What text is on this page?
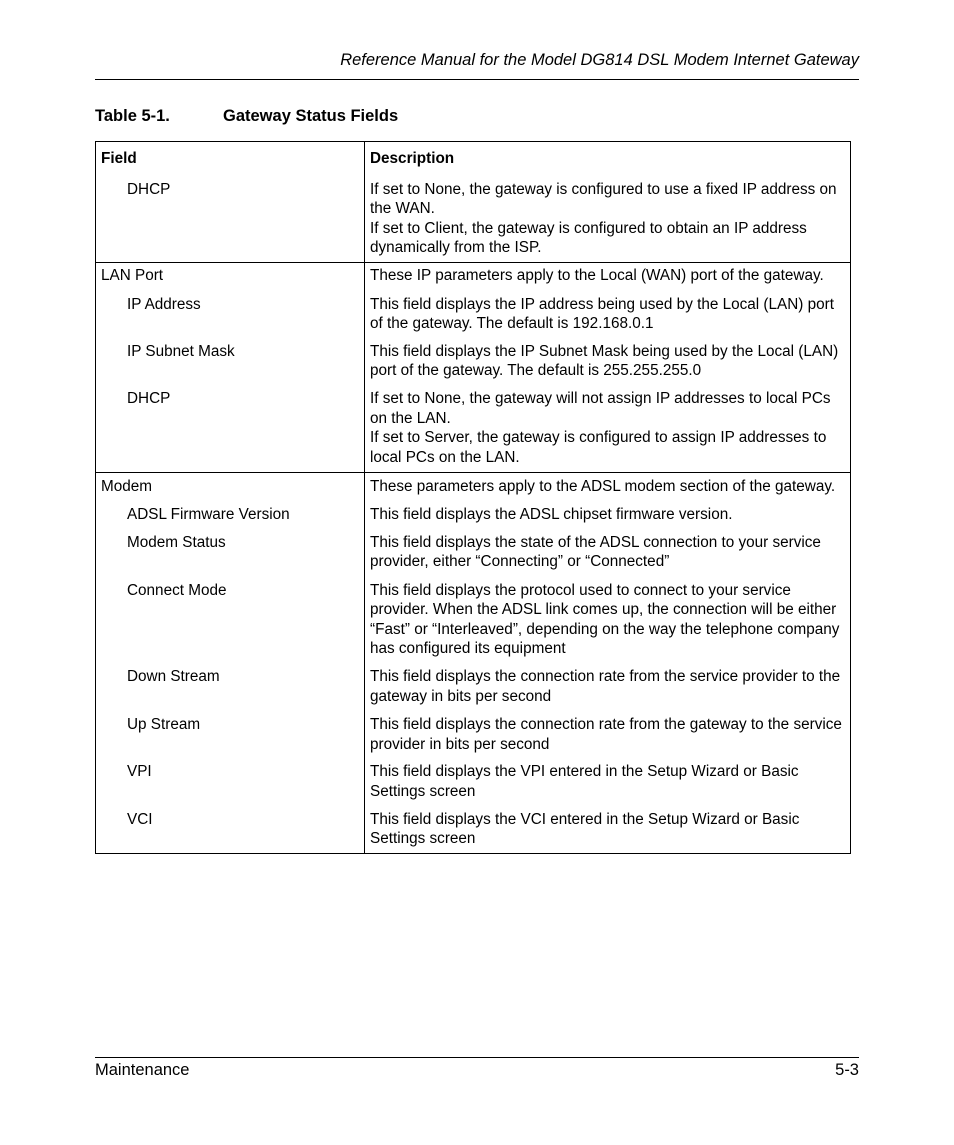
Reference Manual for the Model DG814 DSL Modem Internet Gateway
Table 5-1.	Gateway Status Fields
Field	Description
DHCP	If set to None, the gateway is configured to use a fixed IP address on the WAN.
If set to Client, the gateway is configured to obtain an IP address dynamically from the ISP.
LAN Port	These IP parameters apply to the Local (WAN) port of the gateway.
IP Address	This field displays the IP address being used by the Local (LAN) port of the gateway. The default is 192.168.0.1
IP Subnet Mask	This field displays the IP Subnet Mask being used by the Local (LAN) port of the gateway. The default is 255.255.255.0
DHCP	If set to None, the gateway will not assign IP addresses to local PCs on the LAN.
If set to Server, the gateway is configured to assign IP addresses to local PCs on the LAN.
Modem	These parameters apply to the ADSL modem section of the gateway.
ADSL Firmware Version	This field displays the ADSL chipset firmware version.
Modem Status	This field displays the state of the ADSL connection to your service provider, either “Connecting” or “Connected”
Connect Mode	This field displays the protocol used to connect to your service provider. When the ADSL link comes up, the connection will be either “Fast” or “Interleaved”, depending on the way the telephone company has configured its equipment
Down Stream	This field displays the connection rate from the service provider to the gateway in bits per second
Up Stream	This field displays the connection rate from the gateway to the service provider in bits per second
VPI	This field displays the VPI entered in the Setup Wizard or Basic Settings screen
VCI	This field displays the VCI entered in the Setup Wizard or Basic Settings screen
Maintenance	5-3
